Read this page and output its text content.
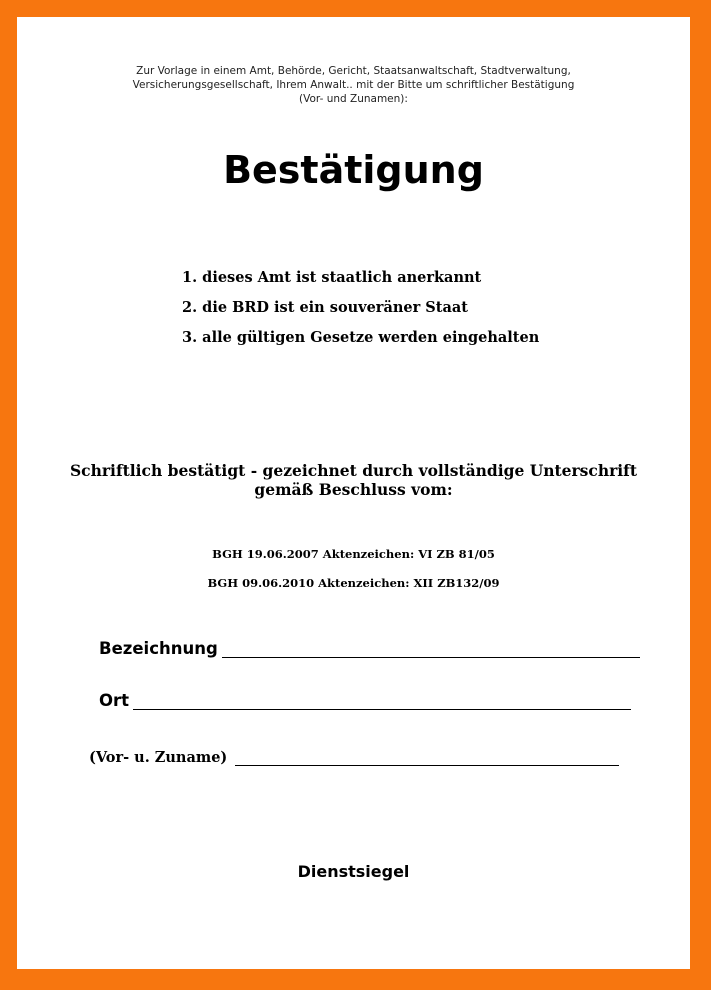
Zur Vorlage in einem Amt, Behörde, Gericht, Staatsanwaltschaft, Stadtverwaltung,
Versicherungsgesellschaft, Ihrem Anwalt.. mit der Bitte um schriftlicher Bestätigung
(Vor- und Zunamen):
Bestätigung
1. dieses Amt ist staatlich anerkannt
2. die BRD ist ein souveräner Staat
3. alle gültigen Gesetze werden eingehalten
Schriftlich bestätigt - gezeichnet durch vollständige Unterschrift
gemäß Beschluss vom:
BGH 19.06.2007 Aktenzeichen: VI ZB 81/05
BGH 09.06.2010 Aktenzeichen: XII ZB132/09
Bezeichnung
Ort
(Vor- u. Zuname)
Dienstsiegel
